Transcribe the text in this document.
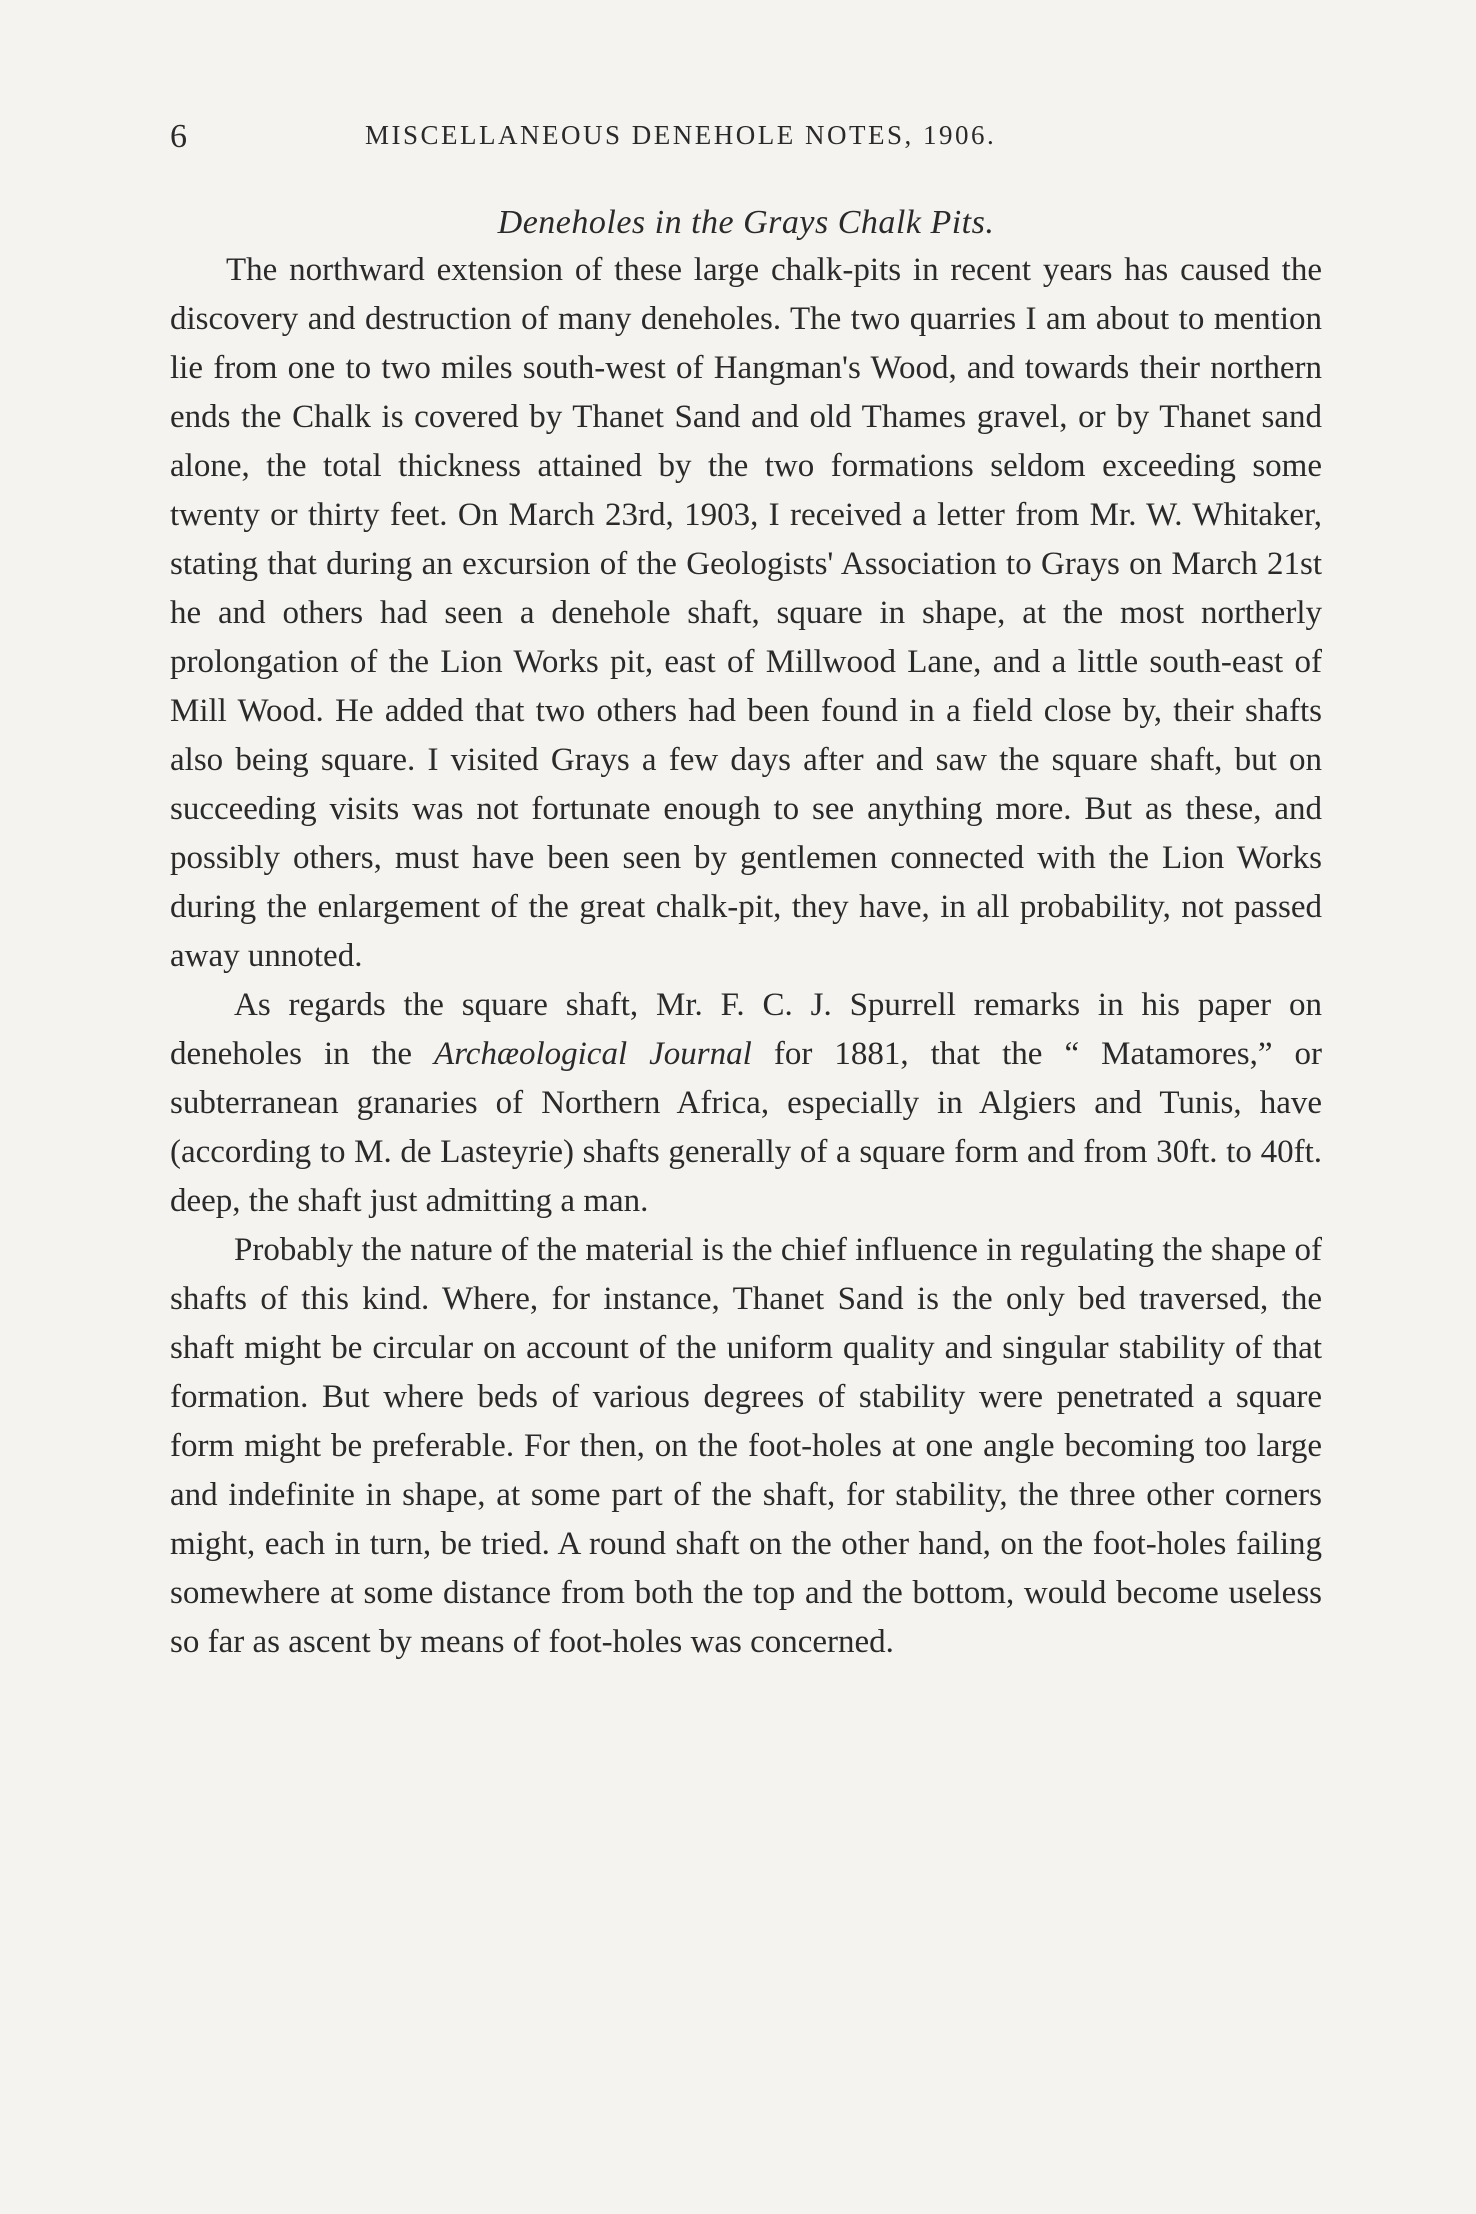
6	MISCELLANEOUS DENEHOLE NOTES, 1906.
Deneholes in the Grays Chalk Pits.

The northward extension of these large chalk-pits in recent years has caused the discovery and destruction of many deneholes. The two quarries I am about to mention lie from one to two miles south-west of Hangman's Wood, and towards their northern ends the Chalk is covered by Thanet Sand and old Thames gravel, or by Thanet sand alone, the total thickness attained by the two formations seldom exceeding some twenty or thirty feet. On March 23rd, 1903, I received a letter from Mr. W. Whitaker, stating that during an excursion of the Geologists' Association to Grays on March 21st he and others had seen a denehole shaft, square in shape, at the most northerly prolongation of the Lion Works pit, east of Millwood Lane, and a little south-east of Mill Wood. He added that two others had been found in a field close by, their shafts also being square. I visited Grays a few days after and saw the square shaft, but on succeeding visits was not fortunate enough to see anything more. But as these, and possibly others, must have been seen by gentlemen connected with the Lion Works during the enlargement of the great chalk-pit, they have, in all probability, not passed away unnoted.

As regards the square shaft, Mr. F. C. J. Spurrell remarks in his paper on deneholes in the Archæological Journal for 1881, that the “ Matamores,” or subterranean granaries of Northern Africa, especially in Algiers and Tunis, have (according to M. de Lasteyrie) shafts generally of a square form and from 30ft. to 40ft. deep, the shaft just admitting a man.

Probably the nature of the material is the chief influence in regulating the shape of shafts of this kind. Where, for instance, Thanet Sand is the only bed traversed, the shaft might be circular on account of the uniform quality and singular stability of that formation. But where beds of various degrees of stability were penetrated a square form might be preferable. For then, on the foot-holes at one angle becoming too large and indefinite in shape, at some part of the shaft, for stability, the three other corners might, each in turn, be tried. A round shaft on the other hand, on the foot-holes failing somewhere at some distance from both the top and the bottom, would become useless so far as ascent by means of foot-holes was concerned.
